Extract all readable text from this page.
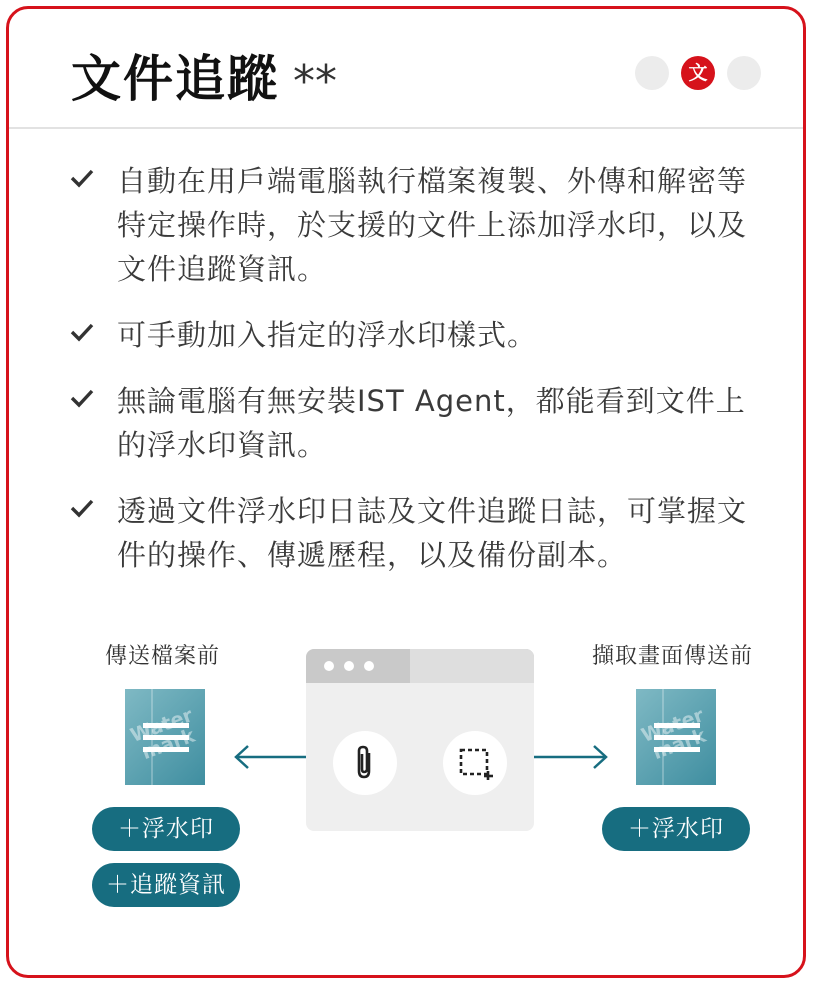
文件追蹤 **	文
自動在用戶端電腦執行檔案複製、外傳和解密等特定操作時，於支援的文件上添加浮水印，以及文件追蹤資訊。
可手動加入指定的浮水印樣式。
無論電腦有無安裝IST Agent，都能看到文件上的浮水印資訊。
透過文件浮水印日誌及文件追蹤日誌，可掌握文件的操作、傳遞歷程，以及備份副本。
傳送檔案前	擷取畫面傳送前
Water mark	Water mark
＋浮水印
＋追蹤資訊
＋浮水印
